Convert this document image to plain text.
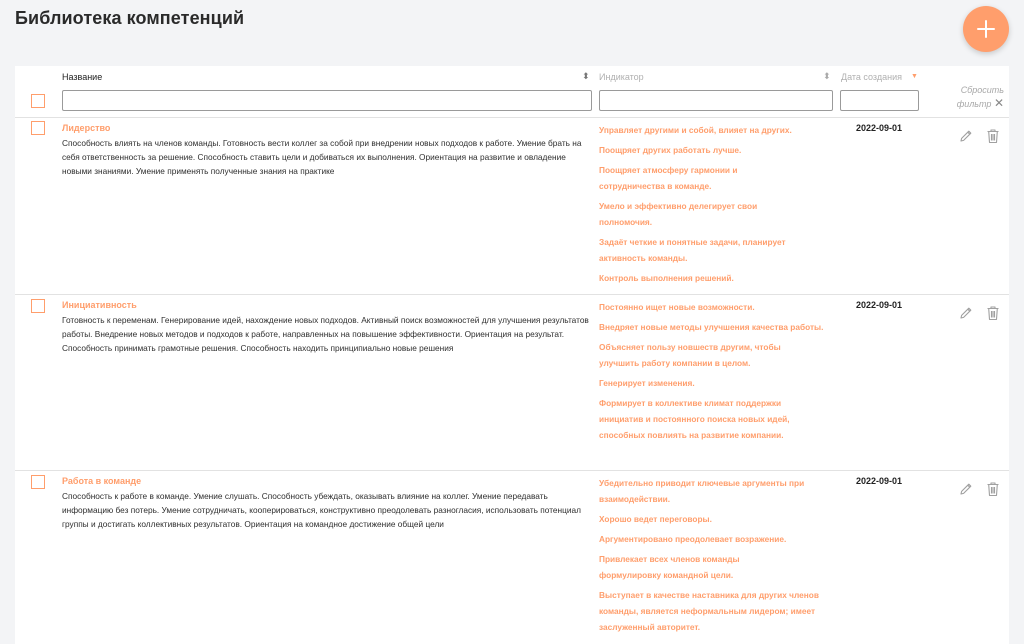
Библиотека компетенций
Название	⬍ Индикатор	⬍ Дата создания ▼
Сбросить
фильтр ✕
Лидерство
Способность влиять на членов команды. Готовность вести коллег за собой при внедрении новых подходов к работе. Умение брать на себя ответственность за решение. Способность ставить цели и добиваться их выполнения. Ориентация на развитие и овладение новыми знаниями. Умение применять полученные знания на практике
Управляет другими и собой, влияет на других.
Поощряет других работать лучше.
Поощряет атмосферу гармонии и сотрудничества в команде.
Умело и эффективно делегирует свои полномочия.
Задаёт четкие и понятные задачи, планирует активность команды.
Контроль выполнения решений.
2022-09-01
Инициативность
Готовность к переменам. Генерирование идей, нахождение новых подходов. Активный поиск возможностей для улучшения результатов работы. Внедрение новых методов и подходов к работе, направленных на повышение эффективности. Ориентация на результат. Способность принимать грамотные решения. Способность находить принципиально новые решения
Постоянно ищет новые возможности.
Внедряет новые методы улучшения качества работы.
Объясняет пользу новшеств другим, чтобы улучшить работу компании в целом.
Генерирует изменения.
Формирует в коллективе климат поддержки инициатив и постоянного поиска новых идей, способных повлиять на развитие компании.
2022-09-01
Работа в команде
Способность к работе в команде. Умение слушать. Способность убеждать, оказывать влияние на коллег. Умение передавать информацию без потерь. Умение сотрудничать, кооперироваться, конструктивно преодолевать разногласия, использовать потенциал группы и достигать коллективных результатов. Ориентация на командное достижение общей цели
Убедительно приводит ключевые аргументы при взаимодействии.
Хорошо ведет переговоры.
Аргументировано преодолевает возражение.
Привлекает всех членов команды формулировку командной цели.
Выступает в качестве наставника для других членов команды, является неформальным лидером; имеет заслуженный авторитет.
2022-09-01
